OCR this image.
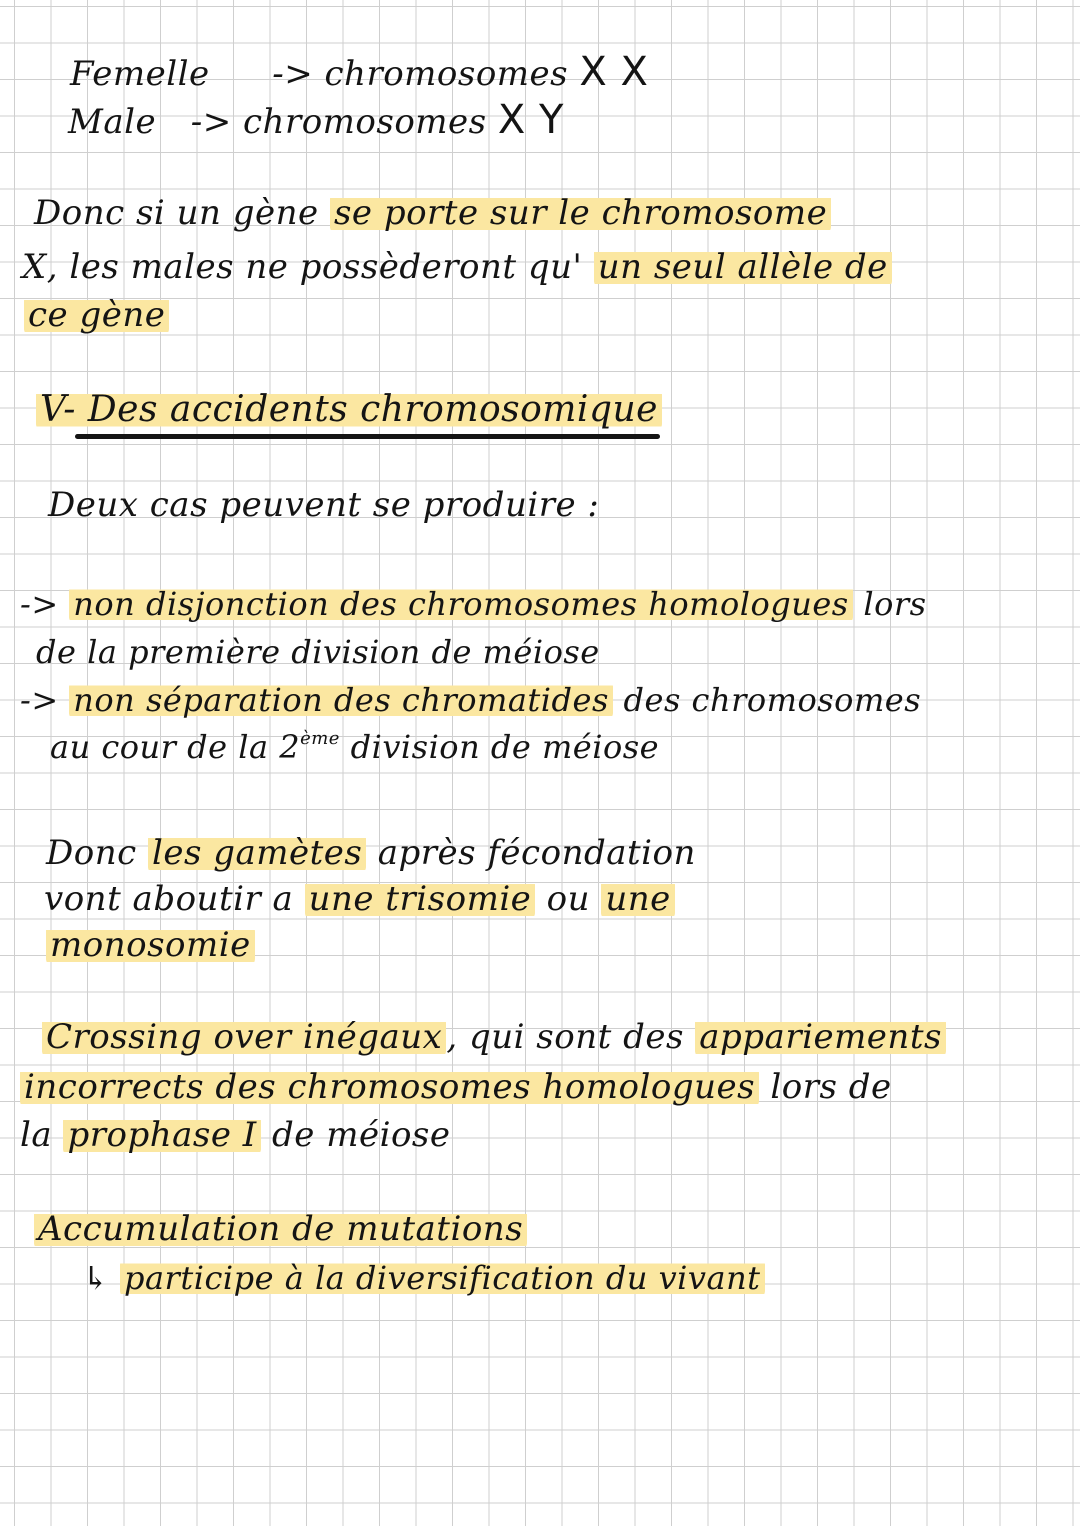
Femelle -> chromosomes X X
Male -> chromosomes X Y
Donc si un gène se porte sur le chromosome
X, les males ne possèderont qu' un seul allèle de
ce gène
V- Des accidents chromosomique
Deux cas peuvent se produire :
-> non disjonction des chromosomes homologues lors
de la première division de méiose
-> non séparation des chromatides des chromosomes
au cour de la 2ème division de méiose
Donc les gamètes après fécondation
vont aboutir a une trisomie ou une
monosomie
Crossing over inégaux , qui sont des appariements
incorrects des chromosomes homologues lors de
la prophase I de méiose
Accumulation de mutations
↳ participe à la diversification du vivant
